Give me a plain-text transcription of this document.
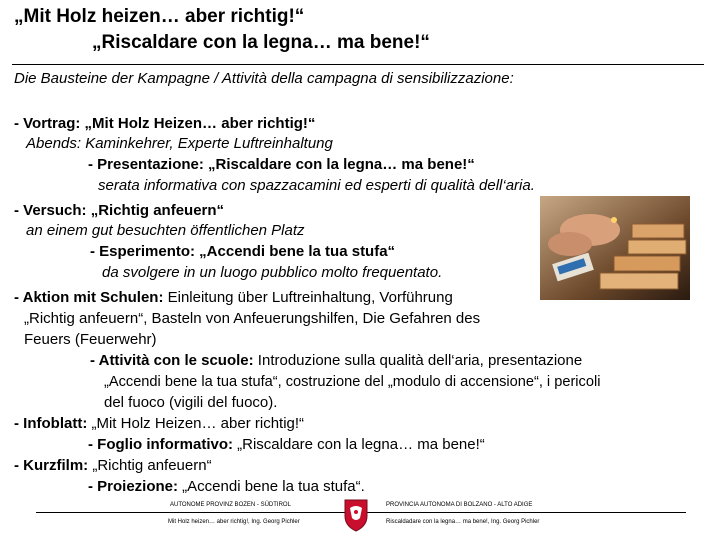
„Mit Holz heizen… aber richtig!“
„Riscaldare con la legna… ma bene!“
Die Bausteine der Kampagne / Attività della campagna di sensibilizzazione:
- Vortrag: „Mit Holz Heizen… aber richtig!“
Abends: Kaminkehrer, Experte Luftreinhaltung
- Presentazione: „Riscaldare con la legna… ma bene!“
serata informativa con spazzacamini ed esperti di qualità dell‘aria.
- Versuch: „Richtig anfeuern“
an einem gut besuchten öffentlichen Platz
- Esperimento: „Accendi bene la tua stufa“
da svolgere in un luogo pubblico molto frequentato.
- Aktion mit Schulen: Einleitung über Luftreinhaltung, Vorführung
„Richtig anfeuern“, Basteln von Anfeuerungshilfen, Die Gefahren des
Feuers (Feuerwehr)
- Attività con le scuole: Introduzione sulla qualità dell‘aria, presentazione
„Accendi bene la tua stufa“, costruzione del „modulo di accensione“, i pericoli
del fuoco (vigili del fuoco).
- Infoblatt: „Mit Holz Heizen… aber richtig!“
- Foglio informativo: „Riscaldare con la legna… ma bene!“
- Kurzfilm: „Richtig anfeuern“
- Proiezione: „Accendi bene la tua stufa“.
AUTONOME PROVINZ BOZEN - SÜDTIROL	PROVINCIA AUTONOMA DI BOLZANO - ALTO ADIGE
Mit Holz heizen… aber richtig!, Ing. Georg Pichler	Riscaldadare con la legna… ma bene!, Ing. Georg Pichler
